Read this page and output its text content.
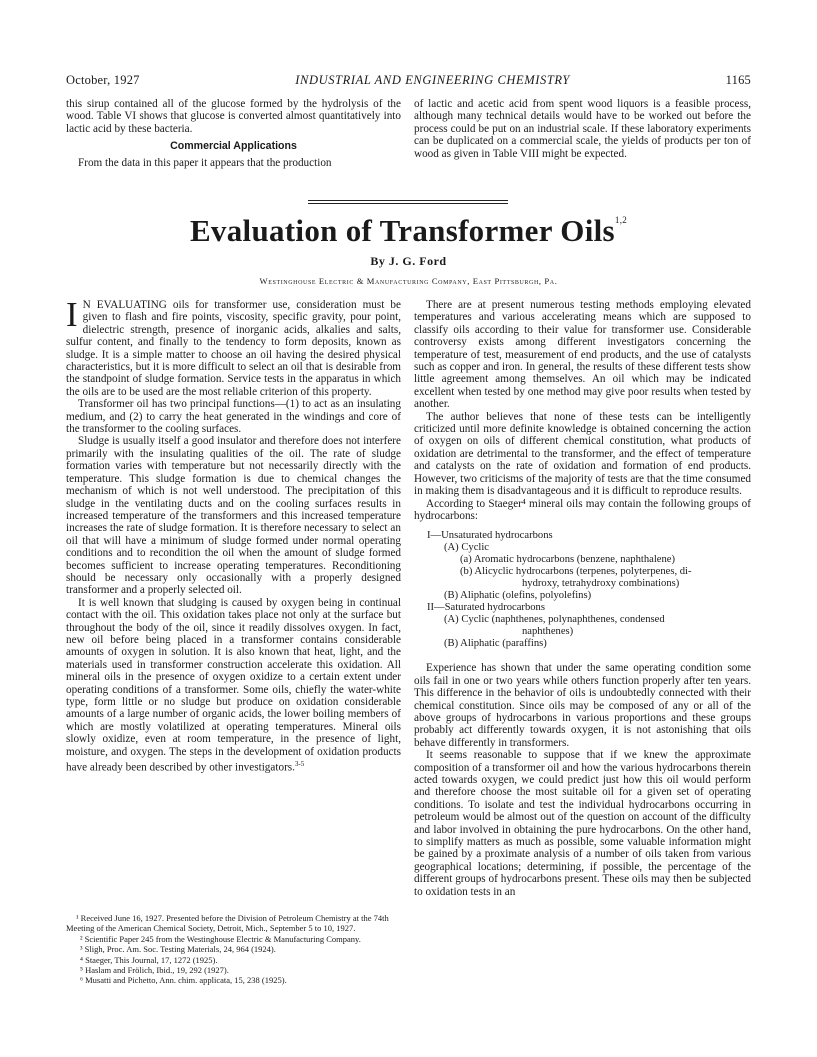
October, 1927	INDUSTRIAL AND ENGINEERING CHEMISTRY	1165

this sirup contained all of the glucose formed by the hydrolysis of the wood. Table VI shows that glucose is converted almost quantitatively into lactic acid by these bacteria.

Commercial Applications

From the data in this paper it appears that the production

of lactic and acetic acid from spent wood liquors is a feasible process, although many technical details would have to be worked out before the process could be put on an industrial scale. If these laboratory experiments can be duplicated on a commercial scale, the yields of products per ton of wood as given in Table VIII might be expected.

Evaluation of Transformer Oils$^{1,2}$
By J. G. Ford
Westinghouse Electric & Manufacturing Company, East Pittsburgh, Pa.

I N EVALUATING oils for transformer use, consideration must be given to flash and fire points, viscosity, specific gravity, pour point, dielectric strength, presence of inorganic acids, alkalies and salts, sulfur content, and finally to the tendency to form deposits, known as sludge. It is a simple matter to choose an oil having the desired physical characteristics, but it is more difficult to select an oil that is desirable from the standpoint of sludge formation. Service tests in the apparatus in which the oils are to be used are the most reliable criterion of this property.

Transformer oil has two principal functions—(1) to act as an insulating medium, and (2) to carry the heat generated in the windings and core of the transformer to the cooling surfaces.

Sludge is usually itself a good insulator and therefore does not interfere primarily with the insulating qualities of the oil. The rate of sludge formation varies with temperature but not necessarily directly with the temperature. This sludge formation is due to chemical changes the mechanism of which is not well understood. The precipitation of this sludge in the ventilating ducts and on the cooling surfaces results in increased temperature of the transformers and this increased temperature increases the rate of sludge formation. It is therefore necessary to select an oil that will have a minimum of sludge formed under normal operating conditions and to recondition the oil when the amount of sludge formed becomes sufficient to increase operating temperatures. Reconditioning should be necessary only occasionally with a properly designed transformer and a properly selected oil.

It is well known that sludging is caused by oxygen being in continual contact with the oil. This oxidation takes place not only at the surface but throughout the body of the oil, since it readily dissolves oxygen. In fact, new oil before being placed in a transformer contains considerable amounts of oxygen in solution. It is also known that heat, light, and the materials used in transformer construction accelerate this oxidation. All mineral oils in the presence of oxygen oxidize to a certain extent under operating conditions of a transformer. Some oils, chiefly the water-white type, form little or no sludge but produce on oxidation considerable amounts of a large number of organic acids, the lower boiling members of which are mostly volatilized at operating temperatures. Mineral oils slowly oxidize, even at room temperature, in the presence of light, moisture, and oxygen. The steps in the development of oxidation products have already been described by other investigators.$^{3-5}$

¹ Received June 16, 1927. Presented before the Division of Petroleum Chemistry at the 74th Meeting of the American Chemical Society, Detroit, Mich., September 5 to 10, 1927.
² Scientific Paper 245 from the Westinghouse Electric & Manufacturing Company.
³ Sligh, Proc. Am. Soc. Testing Materials, 24, 964 (1924).
⁴ Staeger, This Journal, 17, 1272 (1925).
⁵ Haslam and Frölich, Ibid., 19, 292 (1927).
⁶ Musatti and Pichetto, Ann. chim. applicata, 15, 238 (1925).

There are at present numerous testing methods employing elevated temperatures and various accelerating means which are supposed to classify oils according to their value for transformer use. Considerable controversy exists among different investigators concerning the temperature of test, measurement of end products, and the use of catalysts such as copper and iron. In general, the results of these different tests show little agreement among themselves. An oil which may be indicated excellent when tested by one method may give poor results when tested by another.

The author believes that none of these tests can be intelligently criticized until more definite knowledge is obtained concerning the action of oxygen on oils of different chemical constitution, what products of oxidation are detrimental to the transformer, and the effect of temperature and catalysts on the rate of oxidation and formation of end products. However, two criticisms of the majority of tests are that the time consumed in making them is disadvantageous and it is difficult to reproduce results.

According to Staeger⁴ mineral oils may contain the following groups of hydrocarbons:

I—Unsaturated hydrocarbons
(A) Cyclic
(a) Aromatic hydrocarbons (benzene, naphthalene)
(b) Alicyclic hydrocarbons (terpenes, polyterpenes, di-
hydroxy, tetrahydroxy combinations)
(B) Aliphatic (olefins, polyolefins)
II—Saturated hydrocarbons
(A) Cyclic (naphthenes, polynaphthenes, condensed
naphthenes)
(B) Aliphatic (paraffins)

Experience has shown that under the same operating condition some oils fail in one or two years while others function properly after ten years. This difference in the behavior of oils is undoubtedly connected with their chemical constitution. Since oils may be composed of any or all of the above groups of hydrocarbons in various proportions and these groups probably act differently towards oxygen, it is not astonishing that oils behave differently in transformers.

It seems reasonable to suppose that if we knew the approximate composition of a transformer oil and how the various hydrocarbons therein acted towards oxygen, we could predict just how this oil would perform and therefore choose the most suitable oil for a given set of operating conditions. To isolate and test the individual hydrocarbons occurring in petroleum would be almost out of the question on account of the difficulty and labor involved in obtaining the pure hydrocarbons. On the other hand, to simplify matters as much as possible, some valuable information might be gained by a proximate analysis of a number of oils taken from various geographical locations; determining, if possible, the percentage of the different groups of hydrocarbons present. These oils may then be subjected to oxidation tests in an
